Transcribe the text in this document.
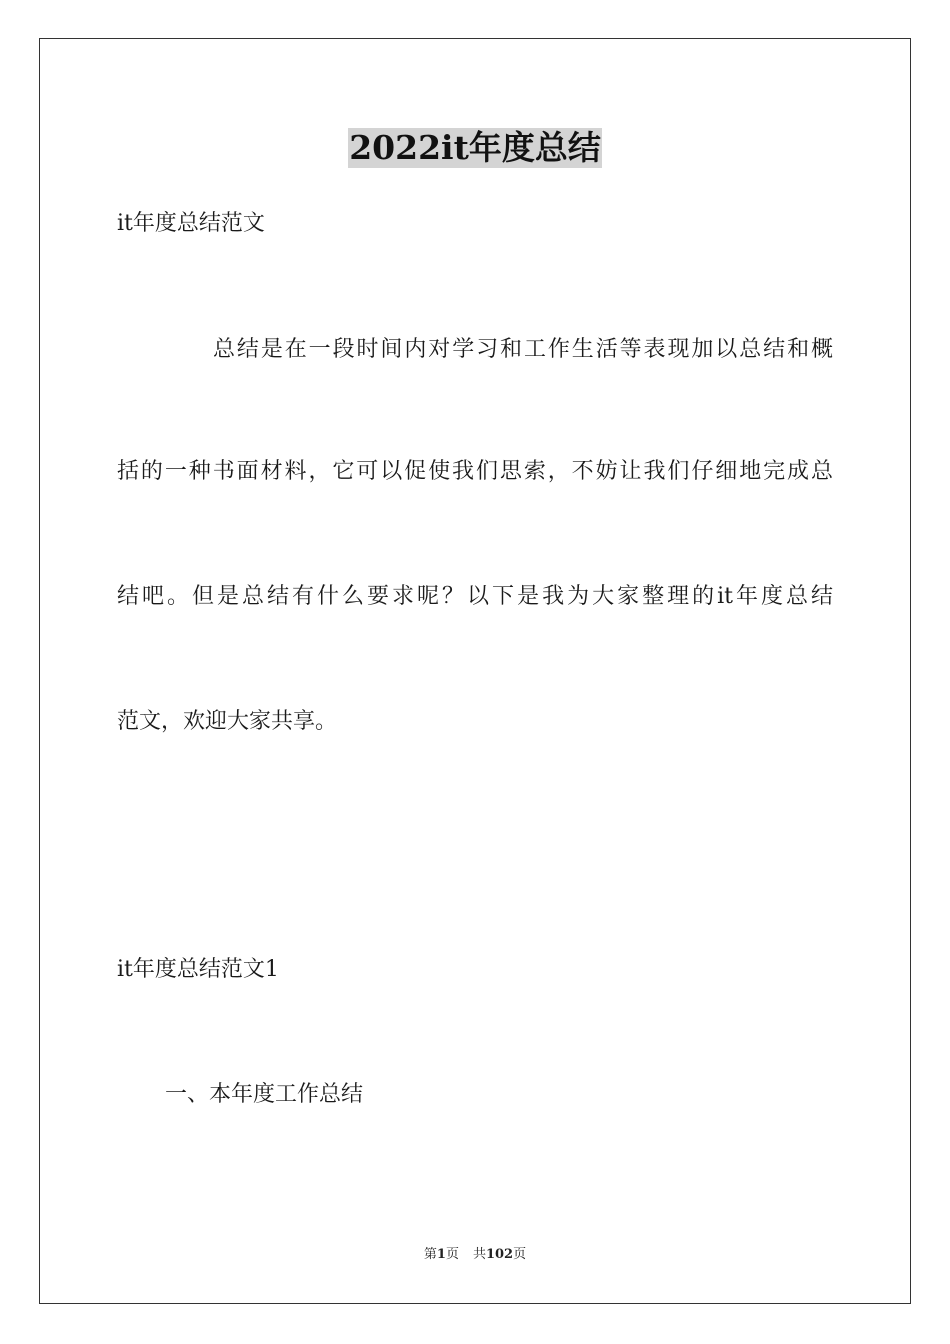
2022it年度总结
it年度总结范文
总结是在一段时间内对学习和工作生活等表现加以总结和概
括的一种书面材料，它可以促使我们思索，不妨让我们仔细地完成总
结吧。但是总结有什么要求呢？以下是我为大家整理的it年度总结
范文，欢迎大家共享。
it年度总结范文1
一、本年度工作总结
第1页 共102页
